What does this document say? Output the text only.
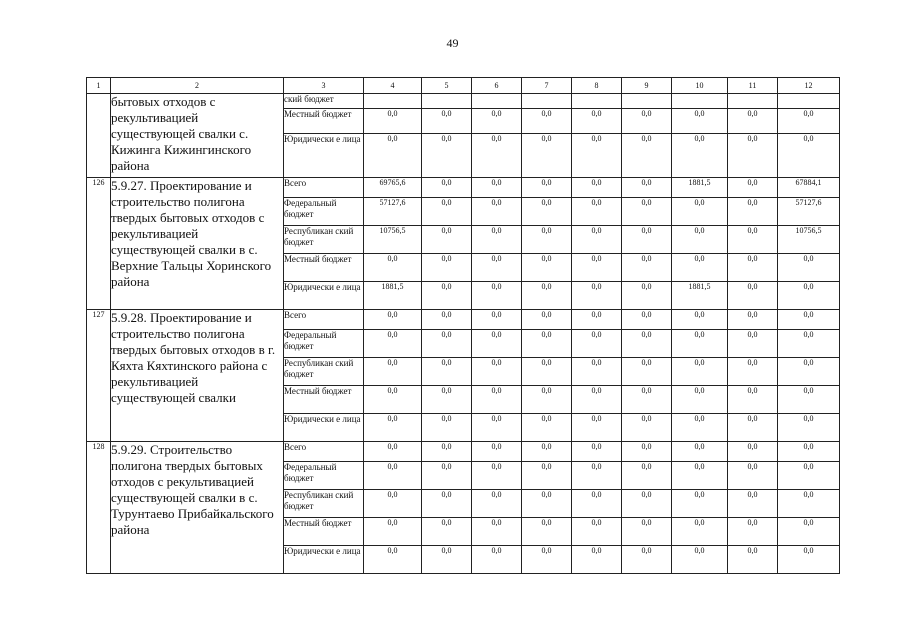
49
1	2	3	4	5	6	7	8	9	10	11	12
	бытовых отходов с рекультивацией существующей свалки с. Кижинга Кижингинского района	ский бюджет									
		Местный бюджет	0,0	0,0	0,0	0,0	0,0	0,0	0,0	0,0	0,0
		Юридически е лица	0,0	0,0	0,0	0,0	0,0	0,0	0,0	0,0	0,0
126	5.9.27. Проектирование и строительство полигона твердых бытовых отходов с рекультивацией существующей свалки в с. Верхние Тальцы Хоринского района	Всего	69765,6	0,0	0,0	0,0	0,0	0,0	1881,5	0,0	67884,1
		Федеральный бюджет	57127,6	0,0	0,0	0,0	0,0	0,0	0,0	0,0	57127,6
		Республикан ский бюджет	10756,5	0,0	0,0	0,0	0,0	0,0	0,0	0,0	10756,5
		Местный бюджет	0,0	0,0	0,0	0,0	0,0	0,0	0,0	0,0	0,0
		Юридически е лица	1881,5	0,0	0,0	0,0	0,0	0,0	1881,5	0,0	0,0
127	5.9.28. Проектирование и строительство полигона твердых бытовых отходов в г. Кяхта Кяхтинского района с рекультивацией существующей свалки	Всего	0,0	0,0	0,0	0,0	0,0	0,0	0,0	0,0	0,0
		Федеральный бюджет	0,0	0,0	0,0	0,0	0,0	0,0	0,0	0,0	0,0
		Республикан ский бюджет	0,0	0,0	0,0	0,0	0,0	0,0	0,0	0,0	0,0
		Местный бюджет	0,0	0,0	0,0	0,0	0,0	0,0	0,0	0,0	0,0
		Юридически е лица	0,0	0,0	0,0	0,0	0,0	0,0	0,0	0,0	0,0
128	5.9.29. Строительство полигона твердых бытовых отходов с рекультивацией существующей свалки в с. Турунтаево Прибайкальского района	Всего	0,0	0,0	0,0	0,0	0,0	0,0	0,0	0,0	0,0
		Федеральный бюджет	0,0	0,0	0,0	0,0	0,0	0,0	0,0	0,0	0,0
		Республикан ский бюджет	0,0	0,0	0,0	0,0	0,0	0,0	0,0	0,0	0,0
		Местный бюджет	0,0	0,0	0,0	0,0	0,0	0,0	0,0	0,0	0,0
		Юридически е лица	0,0	0,0	0,0	0,0	0,0	0,0	0,0	0,0	0,0
